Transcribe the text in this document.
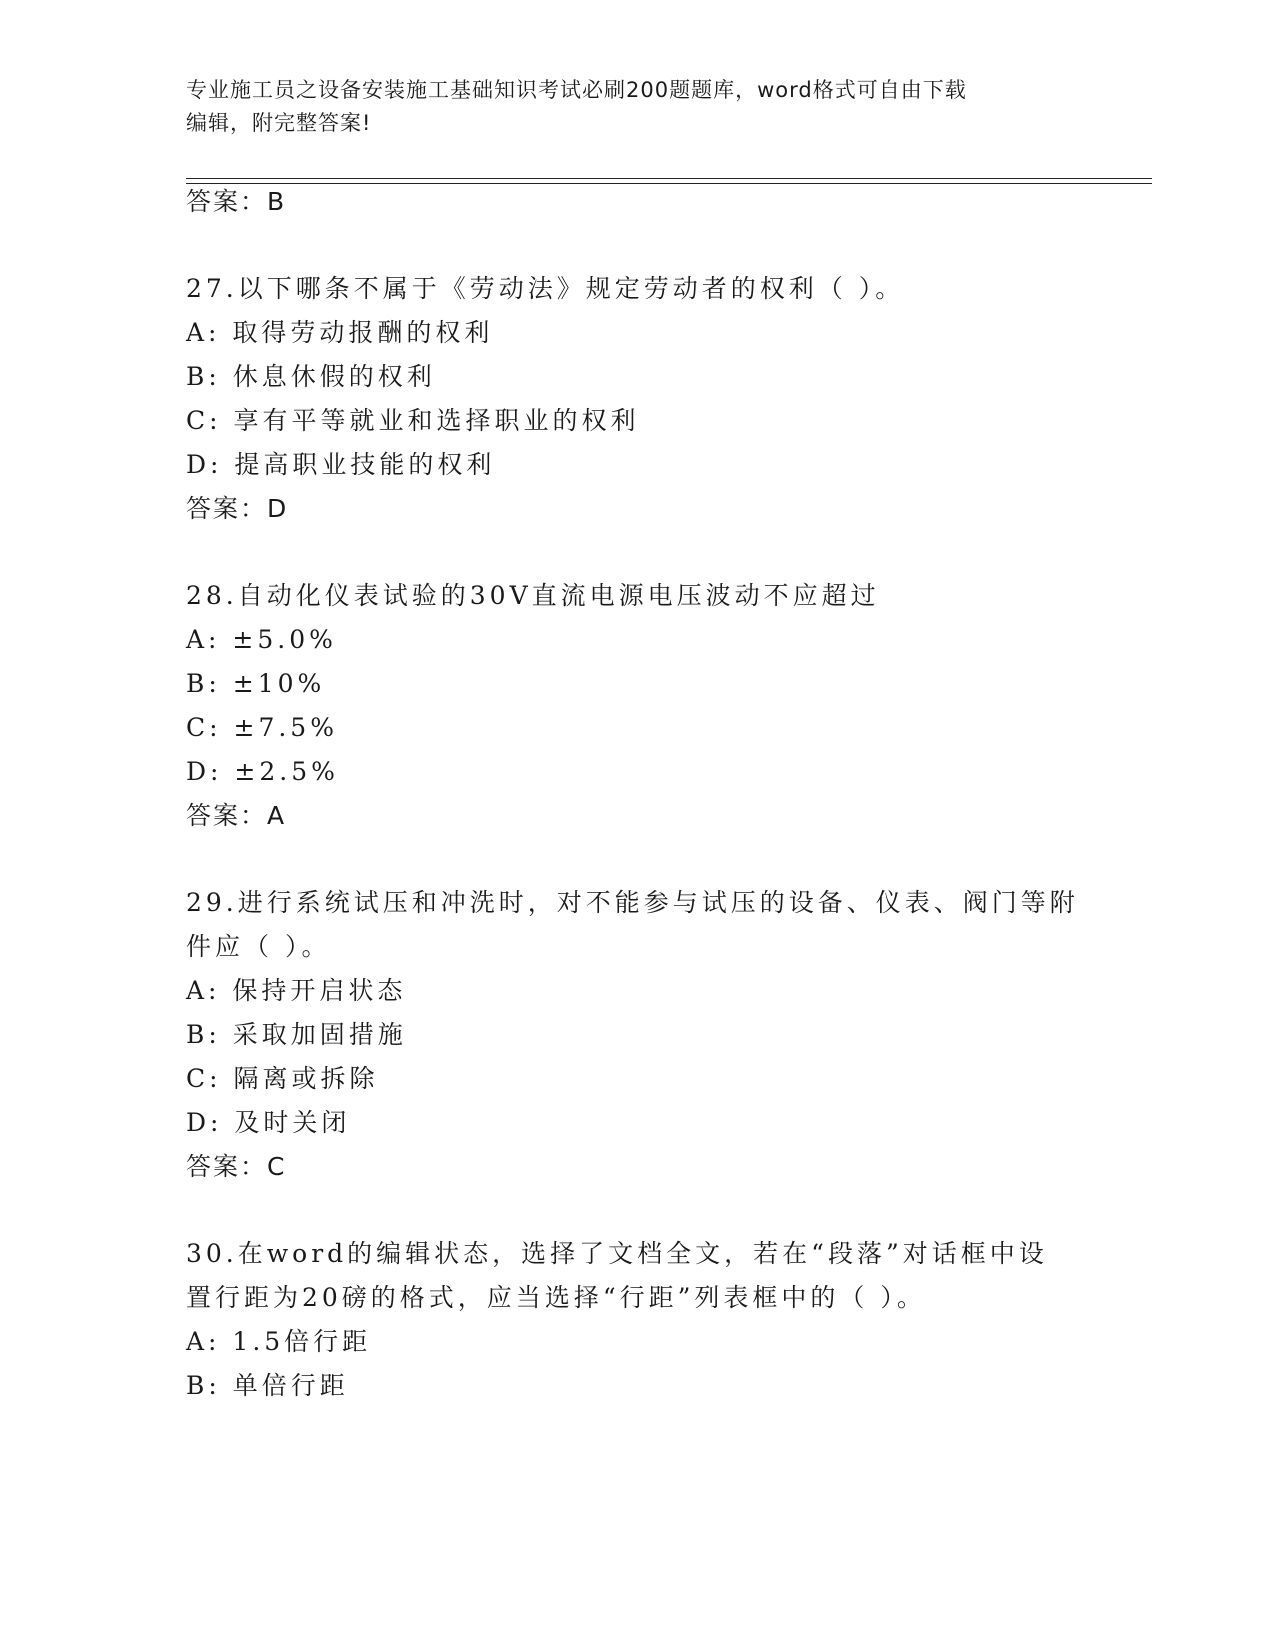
专业施工员之设备安装施工基础知识考试必刷200题题库，word格式可自由下载
编辑，附完整答案!
答案：B
27.以下哪条不属于《劳动法》规定劳动者的权利（ ）。
A: 取得劳动报酬的权利
B: 休息休假的权利
C: 享有平等就业和选择职业的权利
D: 提高职业技能的权利
答案：D
28.自动化仪表试验的30V直流电源电压波动不应超过
A: ±5.0%
B: ±10%
C: ±7.5%
D: ±2.5%
答案：A
29.进行系统试压和冲洗时，对不能参与试压的设备、仪表、阀门等附
件应（ ）。
A: 保持开启状态
B: 采取加固措施
C: 隔离或拆除
D: 及时关闭
答案：C
30.在word的编辑状态，选择了文档全文，若在“段落”对话框中设
置行距为20磅的格式，应当选择“行距”列表框中的（ ）。
A: 1.5倍行距
B: 单倍行距
